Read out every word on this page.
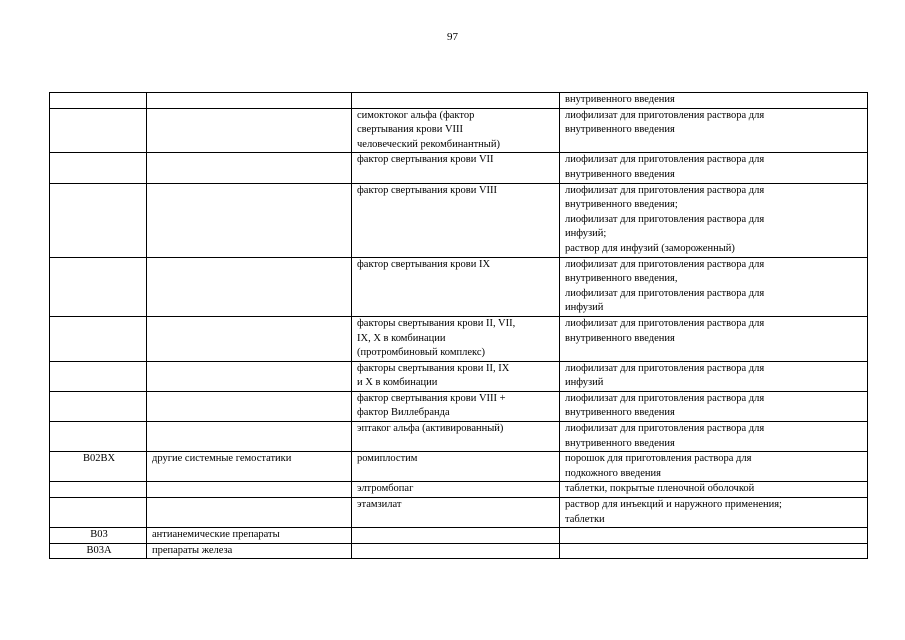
97
			внутривенного введения
		симоктоког альфа (фактор
свертывания крови VIII
человеческий рекомбинантный)	лиофилизат для приготовления раствора для
внутривенного введения
		фактор свертывания крови VII	лиофилизат для приготовления раствора для
внутривенного введения
		фактор свертывания крови VIII	лиофилизат для приготовления раствора для
внутривенного введения;
лиофилизат для приготовления раствора для
инфузий;
раствор для инфузий (замороженный)
		фактор свертывания крови IX	лиофилизат для приготовления раствора для
внутривенного введения,
лиофилизат для приготовления раствора для
инфузий
		факторы свертывания крови II, VII,
IX, X в комбинации
(протромбиновый комплекс)	лиофилизат для приготовления раствора для
внутривенного введения
		факторы свертывания крови II, IX
и X в комбинации	лиофилизат для приготовления раствора для
инфузий
		фактор свертывания крови VIII +
фактор Виллебранда	лиофилизат для приготовления раствора для
внутривенного введения
		эптаког альфа (активированный)	лиофилизат для приготовления раствора для
внутривенного введения
B02BX	другие системные гемостатики	ромиплостим	порошок для приготовления раствора для
подкожного введения
		элтромбопаг	таблетки, покрытые пленочной оболочкой
		этамзилат	раствор для инъекций и наружного применения;
таблетки
B03	антианемические препараты		
B03A	препараты железа		
